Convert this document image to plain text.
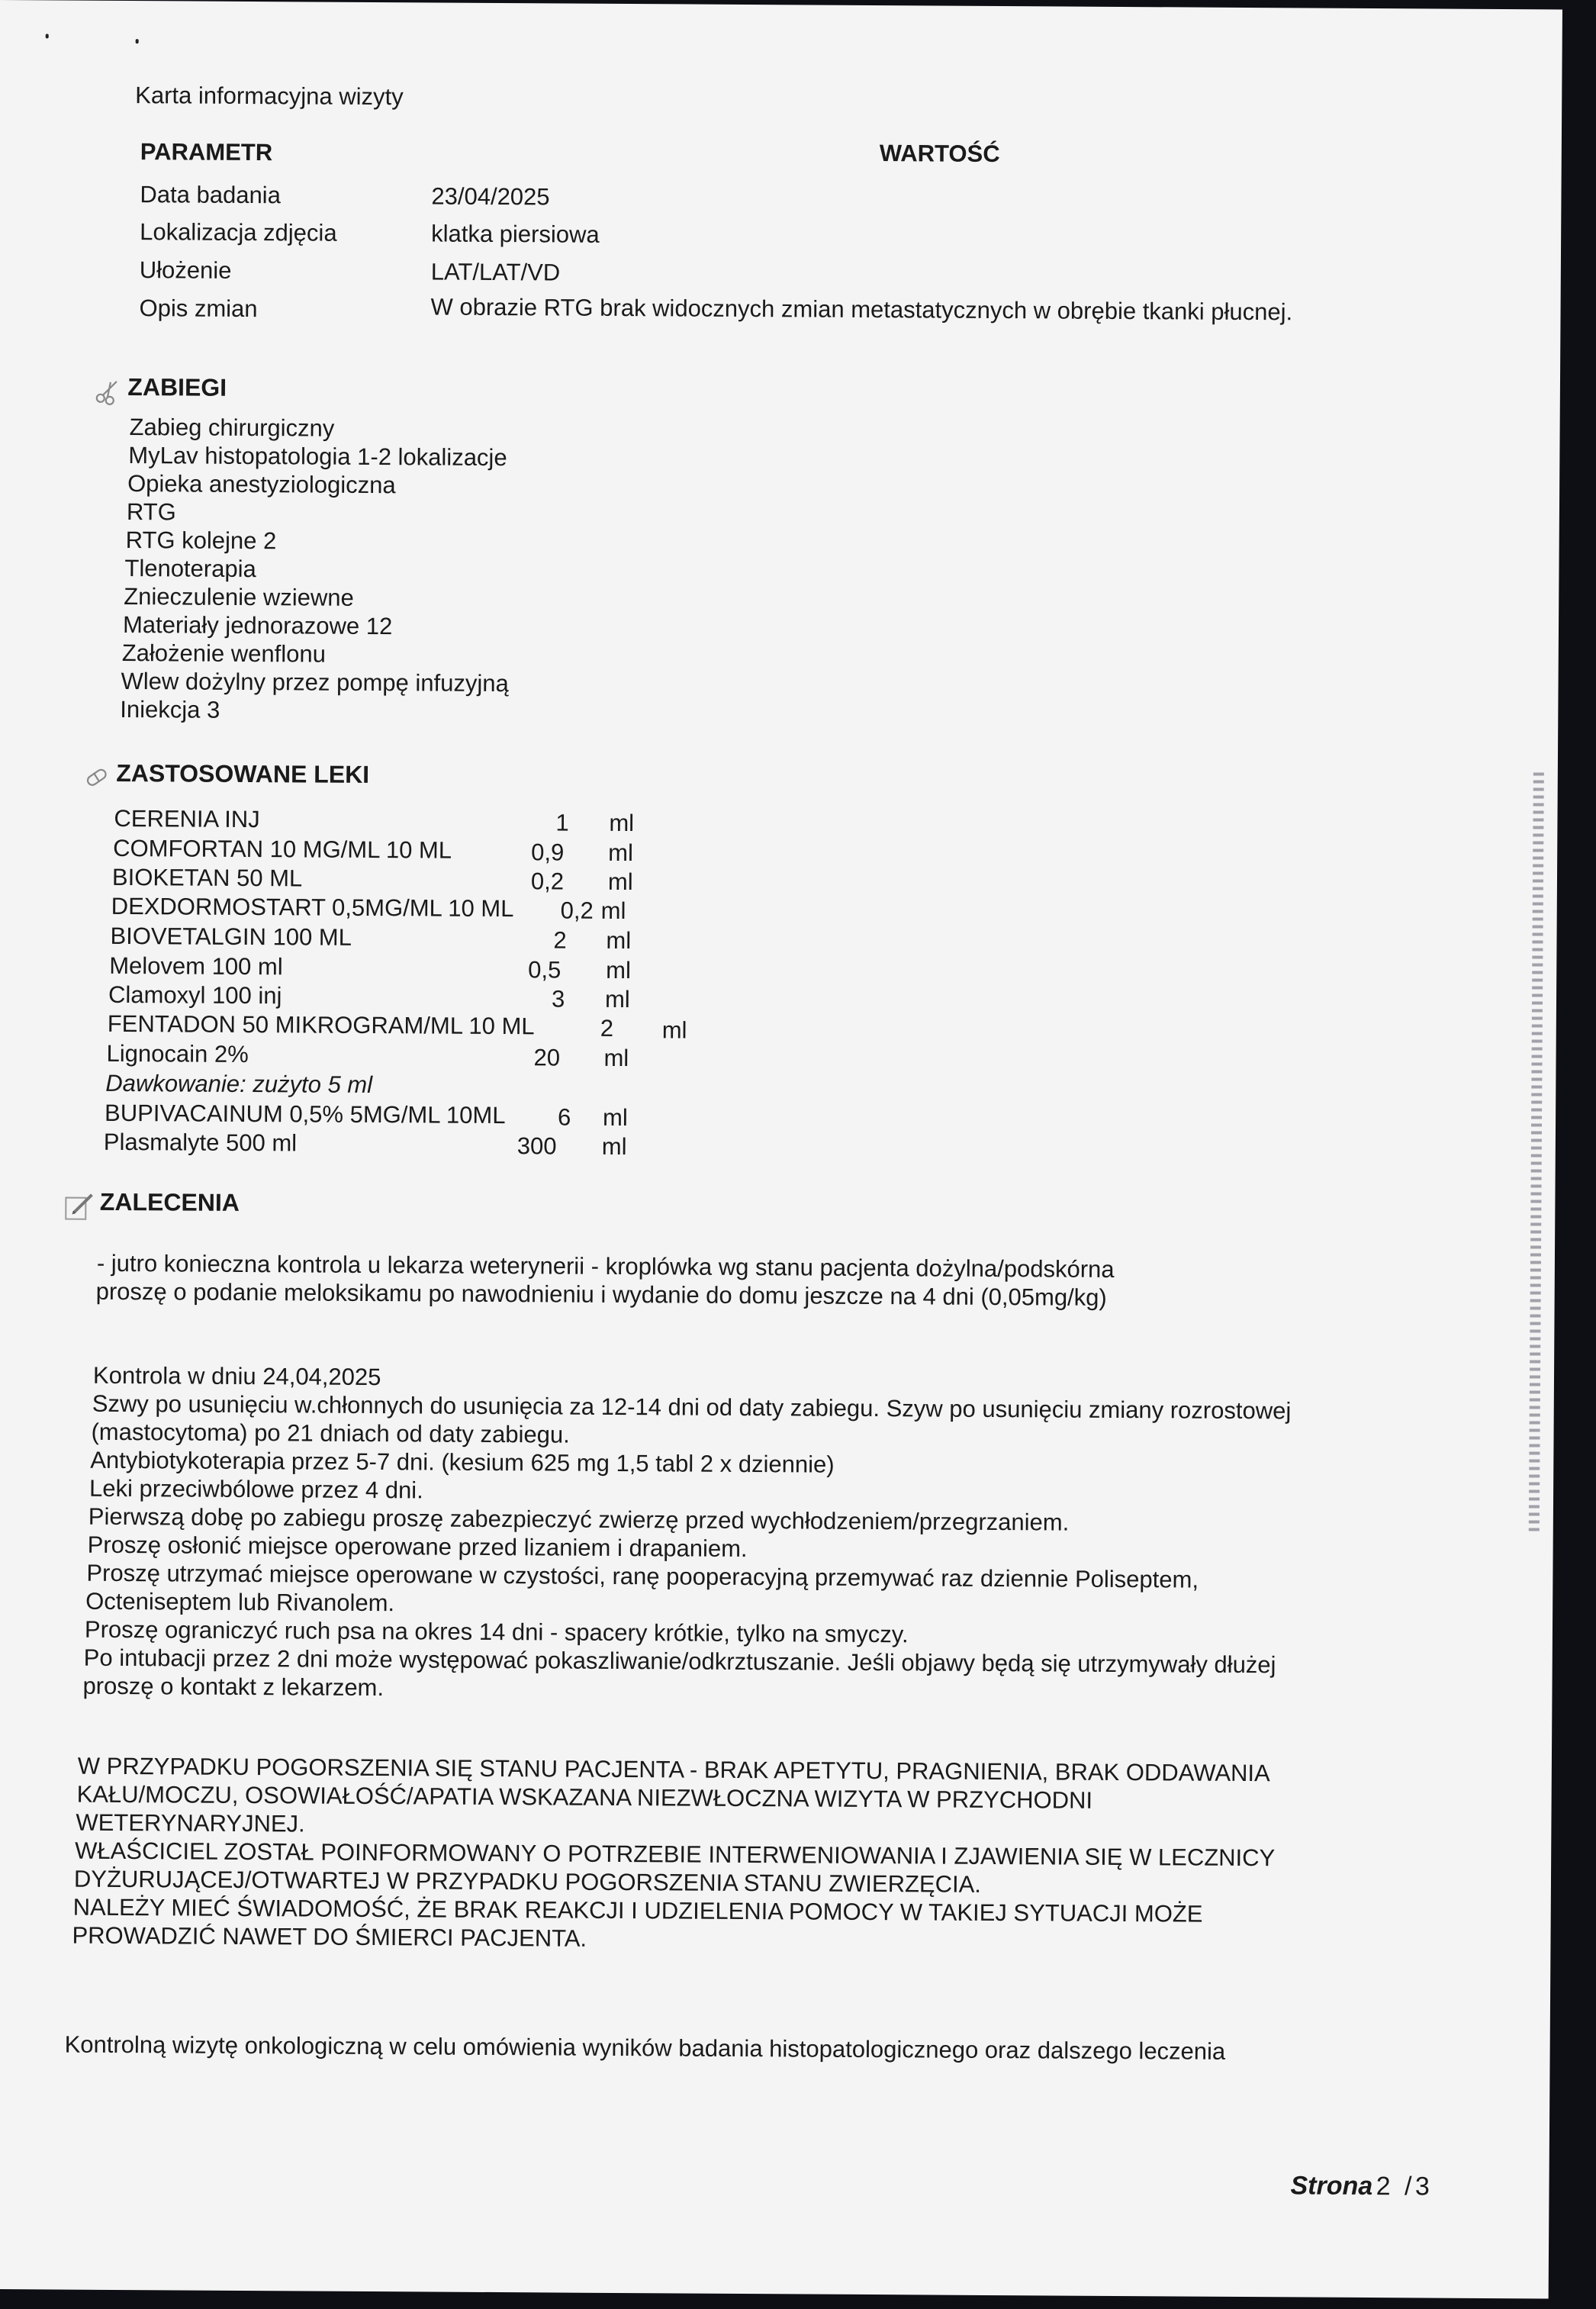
Karta informacyjna wizyty
PARAMETR	WARTOŚĆ
Data badania	23/04/2025
Lokalizacja zdjęcia	klatka piersiowa
Ułożenie	LAT/LAT/VD
Opis zmian	W obrazie RTG brak widocznych zmian metastatycznych w obrębie tkanki płucnej.
ZABIEGI
Zabieg chirurgiczny
MyLav histopatologia 1-2 lokalizacje
Opieka anestyziologiczna
RTG
RTG kolejne 2
Tlenoterapia
Znieczulenie wziewne
Materiały jednorazowe 12
Założenie wenflonu
Wlew dożylny przez pompę infuzyjną
Iniekcja 3
ZASTOSOWANE LEKI
CERENIA INJ	1 ml
COMFORTAN 10 MG/ML 10 ML	0,9 ml
BIOKETAN 50 ML	0,2 ml
DEXDORMOSTART 0,5MG/ML 10 ML 0,2 ml
BIOVETALGIN 100 ML	2 ml
Melovem 100 ml	0,5 ml
Clamoxyl 100 inj	3 ml
FENTADON 50 MIKROGRAM/ML 10 ML	2 ml
Lignocain 2%	20 ml
Dawkowanie: zużyto 5 ml
BUPIVACAINUM 0,5% 5MG/ML 10ML 6 ml
Plasmalyte 500 ml	300 ml
ZALECENIA
- jutro konieczna kontrola u lekarza weterynerii - kroplówka wg stanu pacjenta dożylna/podskórna
proszę o podanie meloksikamu po nawodnieniu i wydanie do domu jeszcze na 4 dni (0,05mg/kg)
Kontrola w dniu 24,04,2025
Szwy po usunięciu w.chłonnych do usunięcia za 12-14 dni od daty zabiegu. Szyw po usunięciu zmiany rozrostowej
(mastocytoma) po 21 dniach od daty zabiegu.
Antybiotykoterapia przez 5-7 dni. (kesium 625 mg 1,5 tabl 2 x dziennie)
Leki przeciwbólowe przez 4 dni.
Pierwszą dobę po zabiegu proszę zabezpieczyć zwierzę przed wychłodzeniem/przegrzaniem.
Proszę osłonić miejsce operowane przed lizaniem i drapaniem.
Proszę utrzymać miejsce operowane w czystości, ranę pooperacyjną przemywać raz dziennie Poliseptem,
Octeniseptem lub Rivanolem.
Proszę ograniczyć ruch psa na okres 14 dni - spacery krótkie, tylko na smyczy.
Po intubacji przez 2 dni może występować pokaszliwanie/odkrztuszanie. Jeśli objawy będą się utrzymywały dłużej
proszę o kontakt z lekarzem.
W PRZYPADKU POGORSZENIA SIĘ STANU PACJENTA - BRAK APETYTU, PRAGNIENIA, BRAK ODDAWANIA
KAŁU/MOCZU, OSOWIAŁOŚĆ/APATIA WSKAZANA NIEZWŁOCZNA WIZYTA W PRZYCHODNI
WETERYNARYJNEJ.
WŁAŚCICIEL ZOSTAŁ POINFORMOWANY O POTRZEBIE INTERWENIOWANIA I ZJAWIENIA SIĘ W LECZNICY
DYŻURUJĄCEJ/OTWARTEJ W PRZYPADKU POGORSZENIA STANU ZWIERZĘCIA.
NALEŻY MIEĆ ŚWIADOMOŚĆ, ŻE BRAK REAKCJI I UDZIELENIA POMOCY W TAKIEJ SYTUACJI MOŻE
PROWADZIĆ NAWET DO ŚMIERCI PACJENTA.
Kontrolną wizytę onkologiczną w celu omówienia wyników badania histopatologicznego oraz dalszego leczenia
Strona 2 / 3
